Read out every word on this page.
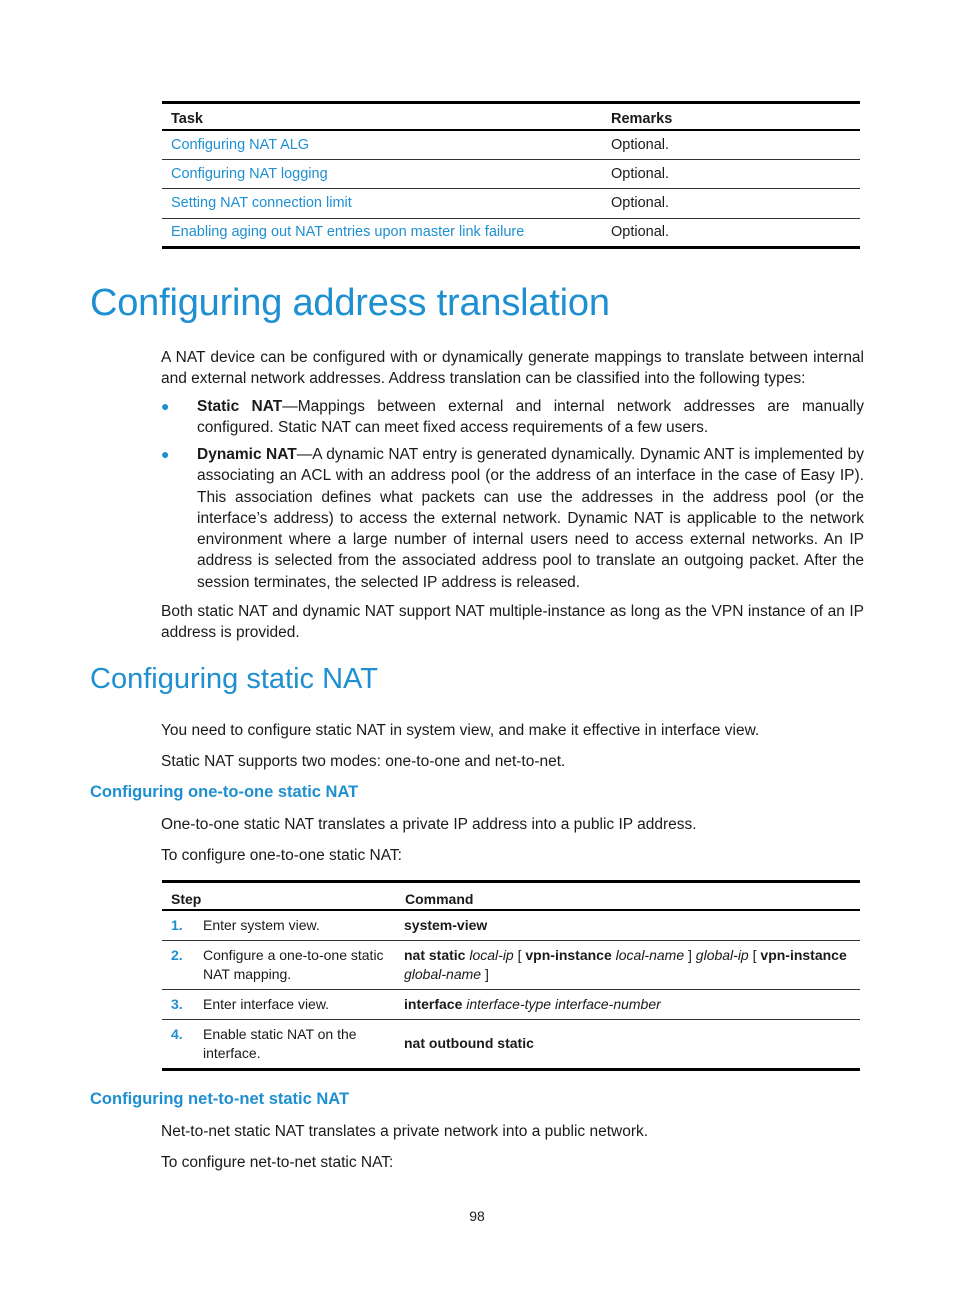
Task	Remarks
Configuring NAT ALG	Optional.
Configuring NAT logging	Optional.
Setting NAT connection limit	Optional.
Enabling aging out NAT entries upon master link failure	Optional.
Configuring address translation

A NAT device can be configured with or dynamically generate mappings to translate between internal and external network addresses. Address translation can be classified into the following types:

● Static NAT—Mappings between external and internal network addresses are manually configured. Static NAT can meet fixed access requirements of a few users.
● Dynamic NAT—A dynamic NAT entry is generated dynamically. Dynamic ANT is implemented by associating an ACL with an address pool (or the address of an interface in the case of Easy IP). This association defines what packets can use the addresses in the address pool (or the interface’s address) to access the external network. Dynamic NAT is applicable to the network environment where a large number of internal users need to access external networks. An IP address is selected from the associated address pool to translate an outgoing packet. After the session terminates, the selected IP address is released.

Both static NAT and dynamic NAT support NAT multiple-instance as long as the VPN instance of an IP address is provided.

Configuring static NAT

You need to configure static NAT in system view, and make it effective in interface view.

Static NAT supports two modes: one-to-one and net-to-net.

Configuring one-to-one static NAT

One-to-one static NAT translates a private IP address into a public IP address.

To configure one-to-one static NAT:

Step		Command
1.	Enter system view.	system-view
2.	Configure a one-to-one static NAT mapping.	nat static local-ip [ vpn-instance local-name ] global-ip [ vpn-instance global-name ]
3.	Enter interface view.	interface interface-type interface-number
4.	Enable static NAT on the interface.	nat outbound static
Configuring net-to-net static NAT

Net-to-net static NAT translates a private network into a public network.

To configure net-to-net static NAT:

98
